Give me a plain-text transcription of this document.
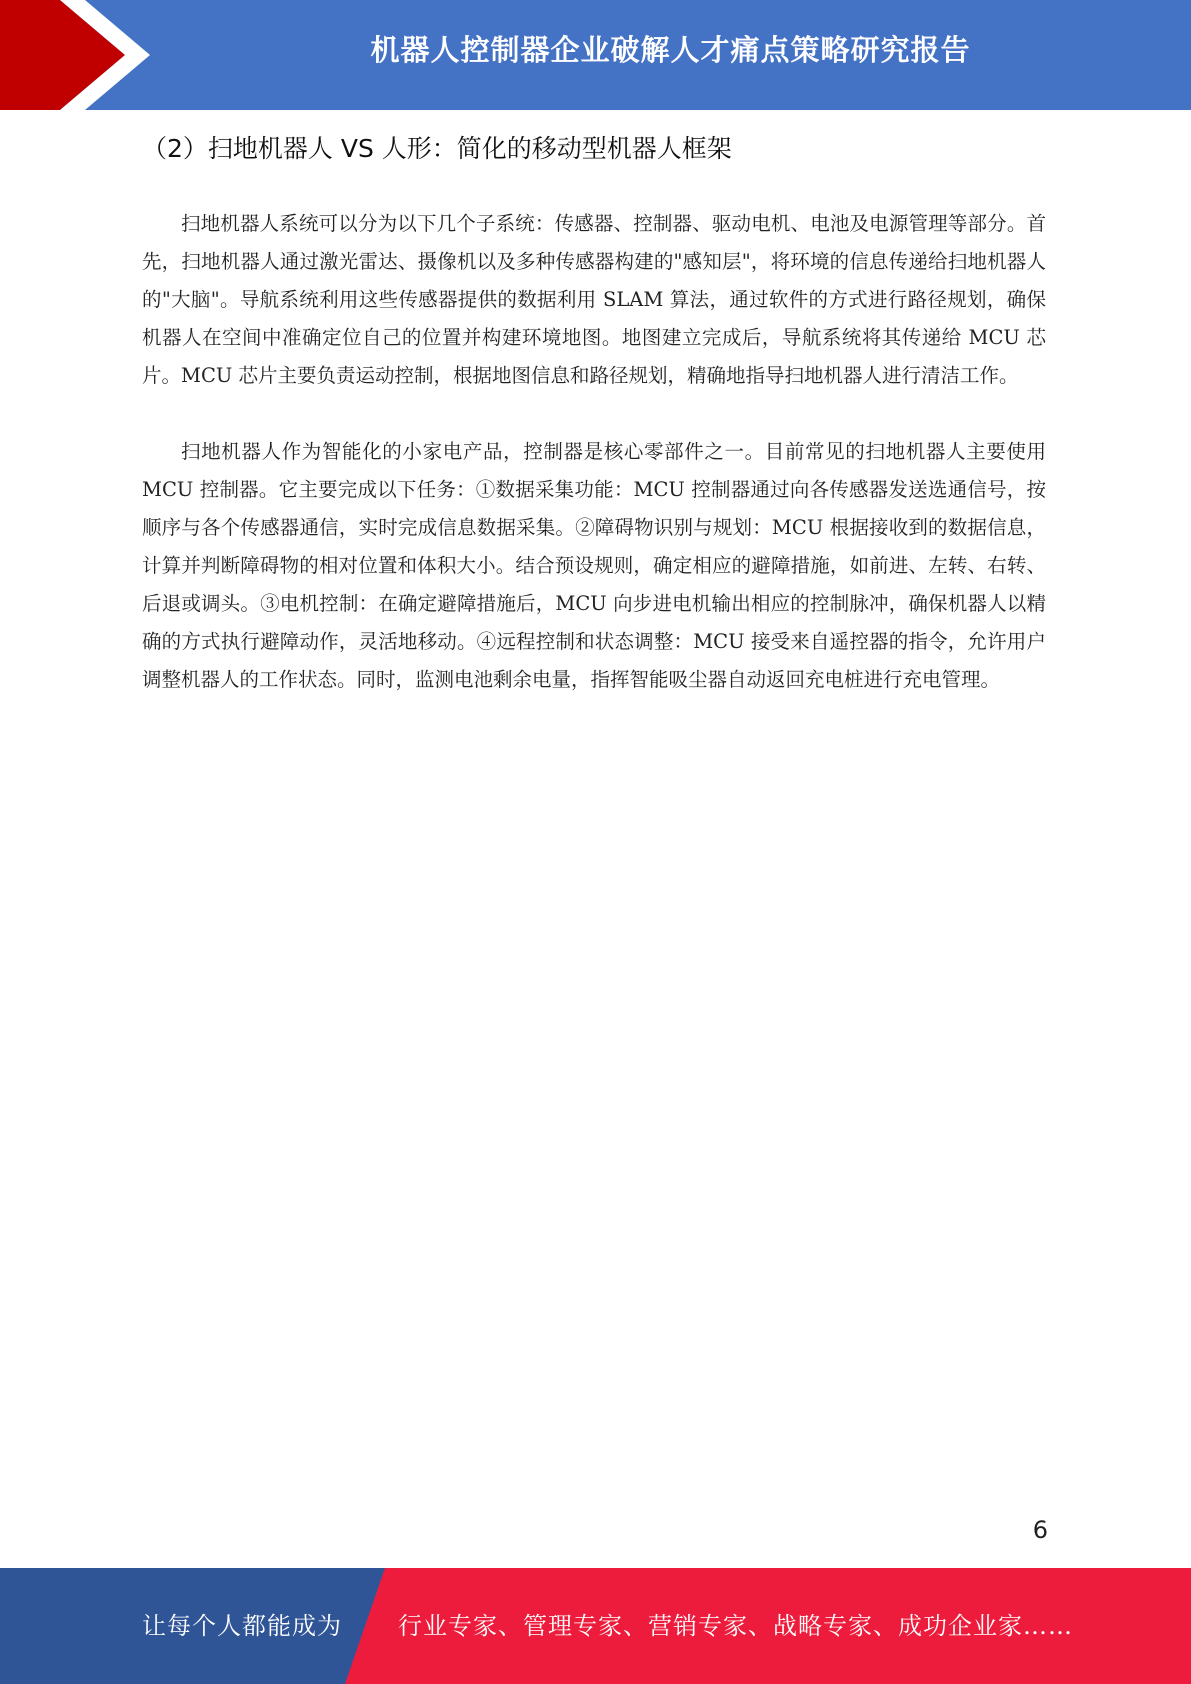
机器人控制器企业破解人才痛点策略研究报告
（2）扫地机器人 VS 人形：简化的移动型机器人框架

扫地机器人系统可以分为以下几个子系统：传感器、控制器、驱动电机、电池及电源管理等部分。首先，扫地机器人通过激光雷达、摄像机以及多种传感器构建的"感知层"，将环境的信息传递给扫地机器人的"大脑"。导航系统利用这些传感器提供的数据利用 SLAM 算法，通过软件的方式进行路径规划，确保机器人在空间中准确定位自己的位置并构建环境地图。地图建立完成后，导航系统将其传递给 MCU 芯片。MCU 芯片主要负责运动控制，根据地图信息和路径规划，精确地指导扫地机器人进行清洁工作。

扫地机器人作为智能化的小家电产品，控制器是核心零部件之一。目前常见的扫地机器人主要使用 MCU 控制器。它主要完成以下任务：①数据采集功能：MCU 控制器通过向各传感器发送选通信号，按顺序与各个传感器通信，实时完成信息数据采集。②障碍物识别与规划：MCU 根据接收到的数据信息，计算并判断障碍物的相对位置和体积大小。结合预设规则，确定相应的避障措施，如前进、左转、右转、后退或调头。③电机控制：在确定避障措施后，MCU 向步进电机输出相应的控制脉冲，确保机器人以精确的方式执行避障动作，灵活地移动。④远程控制和状态调整：MCU 接受来自遥控器的指令，允许用户调整机器人的工作状态。同时，监测电池剩余电量，指挥智能吸尘器自动返回充电桩进行充电管理。

6
让每个人都能成为 行业专家、管理专家、营销专家、战略专家、成功企业家……
